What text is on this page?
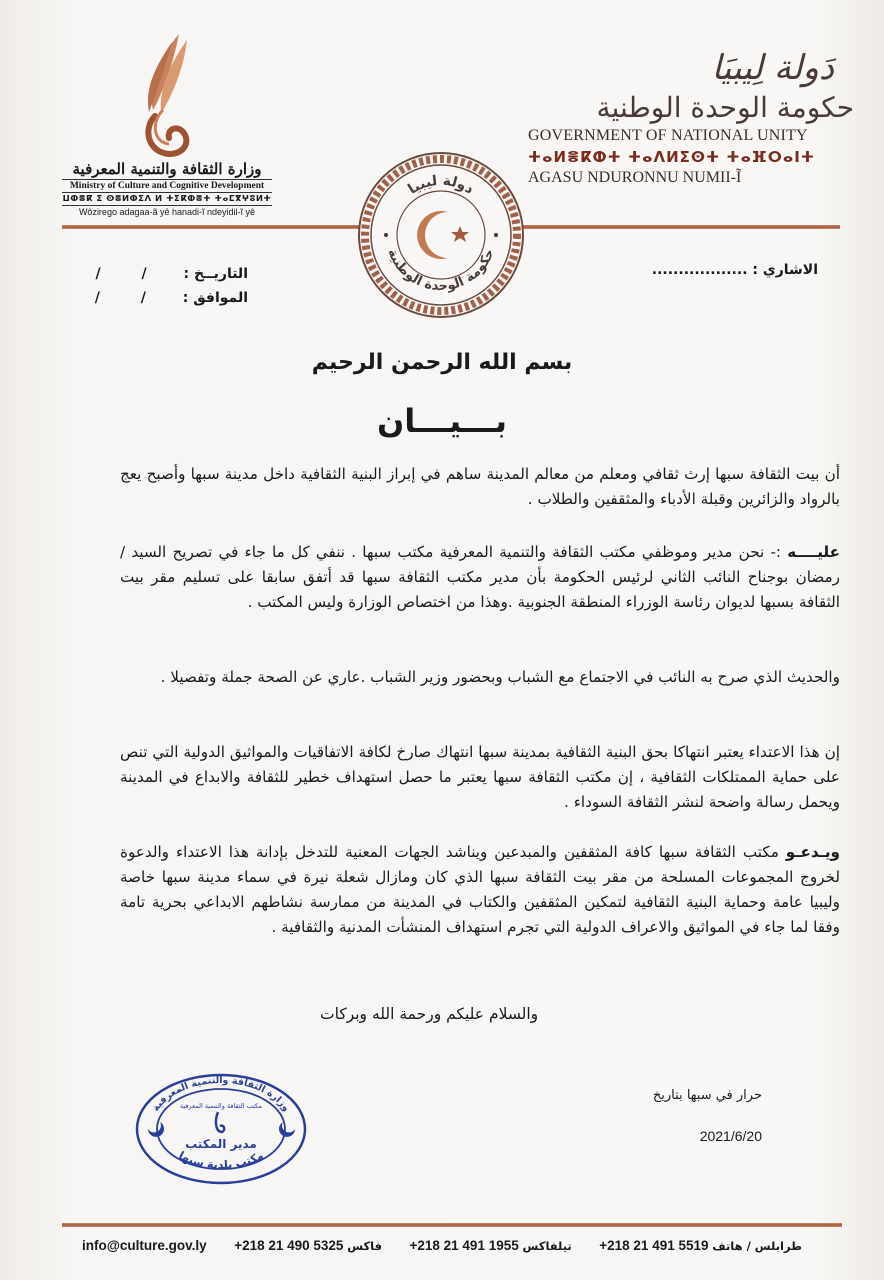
وزارة الثقافة والتنمية المعرفية
Ministry of Culture and Cognitive Development
ⵡⵀⴻⴽ ⵉ ⵙⴻⵍⵀⵉⴷ ⵍ ⵜⵉⴽⵀⴻⵜ ⵜⴰⵎⴳⵖⵓⵍⵜ
Wôzirego adagaa-ã yê hanadi-ĩ ndeyidil-ĩ yê
دَولة لِيبيَا
حكومة الوحدة الوطنية
GOVERNMENT OF NATIONAL UNITY
ⵜⴰⵍⴻⴽⵀⵜ ⵜⴰⴷⵍⵉⵙⵜ ⵜⴰⴼⵔⴰⵏⵜ
AGASU NDURONNU NUMII-Ĩ
دولة ليبيا
حكومة الوحدة الوطنية
الاشاري : ..................
التاريــخ : / /
الموافق : / /
بسم الله الرحمن الرحيم
بـــيـــان
أن بيت الثقافة سبها إرث ثقافي ومعلم من معالم المدينة ساهم في إبراز البنية الثقافية داخل مدينة سبها وأصبح يعج بالرواد والزائرين وقبلة الأدباء والمثقفين والطلاب .
عليــــه :- نحن مدير وموظفي مكتب الثقافة والتنمية المعرفية مكتب سبها . ننفي كل ما جاء في تصريح السيد / رمضان بوجناح النائب الثاني لرئيس الحكومة بأن مدير مكتب الثقافة سبها قد أتفق سابقا على تسليم مقر بيت الثقافة بسبها لديوان رئاسة الوزراء المنطقة الجنوبية .وهذا من اختصاص الوزارة وليس المكتب .
والحديث الذي صرح به النائب في الاجتماع مع الشباب وبحضور وزير الشباب .عاري عن الصحة جملة وتفصيلا .
إن هذا الاعتداء يعتبر انتهاكا بحق البنية الثقافية بمدينة سبها انتهاك صارخ لكافة الاتفاقيات والمواثيق الدولية التي تنص على حماية الممتلكات الثقافية ، إن مكتب الثقافة سبها يعتبر ما حصل استهداف خطير للثقافة والابداع في المدينة ويحمل رسالة واضحة لنشر الثقافة السوداء .
ويـدعـو مكتب الثقافة سبها كافة المثقفين والمبدعين ويناشد الجهات المعنية للتدخل بإدانة هذا الاعتداء والدعوة لخروج المجموعات المسلحة من مقر بيت الثقافة سبها الذي كان ومازال شعلة نيرة في سماء مدينة سبها خاصة وليبيا عامة وحماية البنية الثقافية لتمكين المثقفين والكتاب في المدينة من ممارسة نشاطهم الابداعي بحرية تامة وفقا لما جاء في المواثيق والاعراف الدولية التي تجرم استهداف المنشأت المدنية والثقافية .
والسلام عليكم ورحمة الله وبركات
وزارة الثقافة والتنمية المعرفية
مكتب بلدية سبها
مكتب الثقافة والتنمية المعرفية
مدير المكتب
حرار في سبها بتاريخ
2021/6/20
info@culture.gov.ly +218 21 490 5325 فاكس +218 21 491 1955 تيلفاكس +218 21 491 5519 طرابلس / هاتف
